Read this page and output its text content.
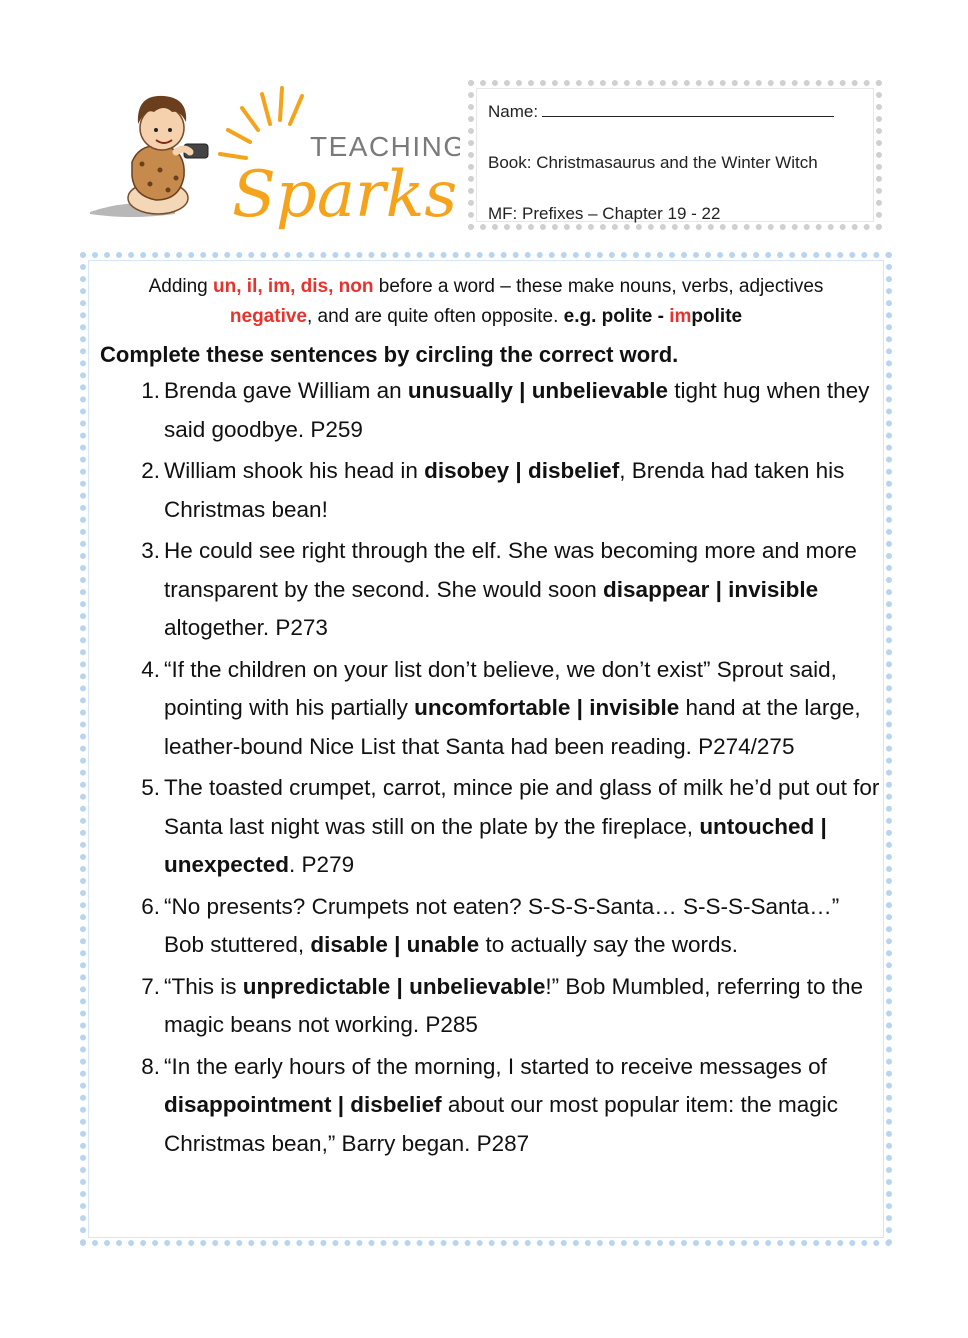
TEACHING
Sparks
Name:
Book: Christmasaurus and the Winter Witch
MF: Prefixes – Chapter 19 - 22
Adding un, il, im, dis, non before a word – these make nouns, verbs, adjectives
negative, and are quite often opposite. e.g. polite - impolite
Complete these sentences by circling the correct word.
1. Brenda gave William an unusually | unbelievable tight hug when they said goodbye. P259
2. William shook his head in disobey | disbelief, Brenda had taken his Christmas bean!
3. He could see right through the elf. She was becoming more and more transparent by the second. She would soon disappear | invisible altogether. P273
4. “If the children on your list don’t believe, we don’t exist” Sprout said, pointing with his partially uncomfortable | invisible hand at the large, leather-bound Nice List that Santa had been reading. P274/275
5. The toasted crumpet, carrot, mince pie and glass of milk he’d put out for Santa last night was still on the plate by the fireplace, untouched | unexpected. P279
6. “No presents? Crumpets not eaten? S-S-S-Santa… S-S-S-Santa…” Bob stuttered, disable | unable to actually say the words.
7. “This is unpredictable | unbelievable!” Bob Mumbled, referring to the magic beans not working. P285
8. “In the early hours of the morning, I started to receive messages of disappointment | disbelief about our most popular item: the magic Christmas bean,” Barry began. P287
